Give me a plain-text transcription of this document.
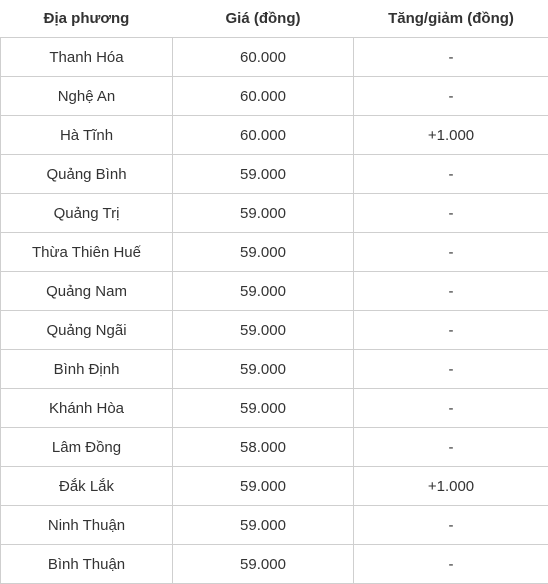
Địa phương	Giá (đồng)	Tăng/giảm (đồng)
Thanh Hóa	60.000	-
Nghệ An	60.000	-
Hà Tĩnh	60.000	+1.000
Quảng Bình	59.000	-
Quảng Trị	59.000	-
Thừa Thiên Huế	59.000	-
Quảng Nam	59.000	-
Quảng Ngãi	59.000	-
Bình Định	59.000	-
Khánh Hòa	59.000	-
Lâm Đồng	58.000	-
Đắk Lắk	59.000	+1.000
Ninh Thuận	59.000	-
Bình Thuận	59.000	-
